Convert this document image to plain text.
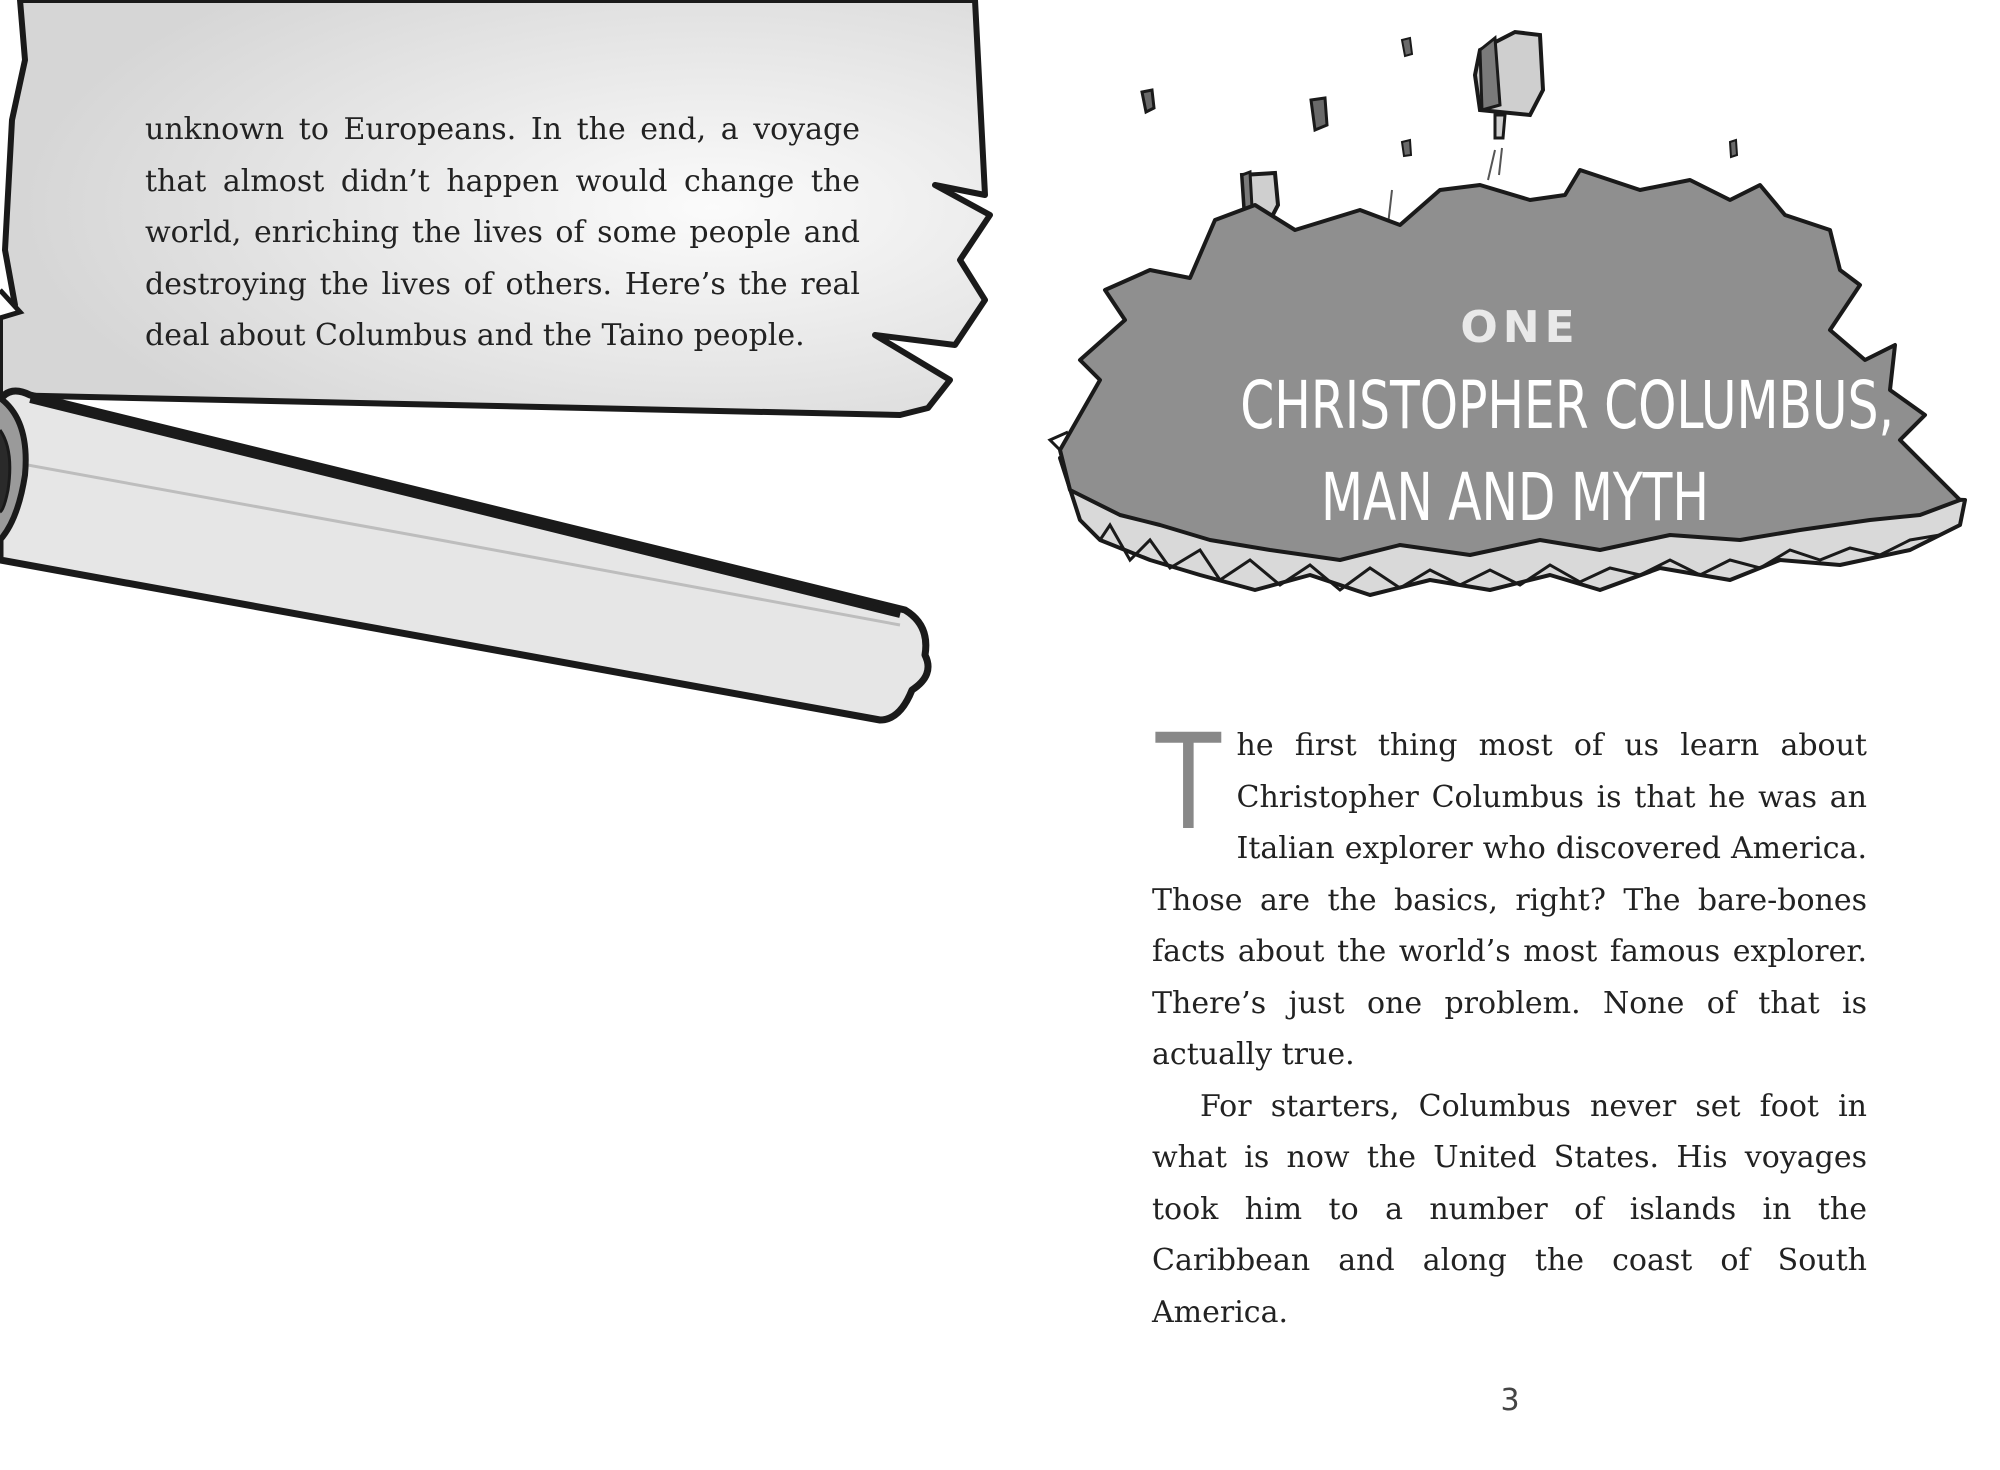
unknown to Europeans. In the end, a voyage that almost didn’t happen would change the world, enriching the lives of some people and destroying the lives of others. Here’s the real deal about Columbus and the Taino people.	ONE
CHRISTOPHER COLUMBUS,
MAN AND MYTH

The first thing most of us learn about Christopher Columbus is that he was an Italian explorer who discovered America. Those are the basics, right? The bare-bones facts about the world’s most famous explorer. There’s just one problem. None of that is actually true.

For starters, Columbus never set foot in what is now the United States. His voyages took him to a number of islands in the Caribbean and along the coast of South America.

3
